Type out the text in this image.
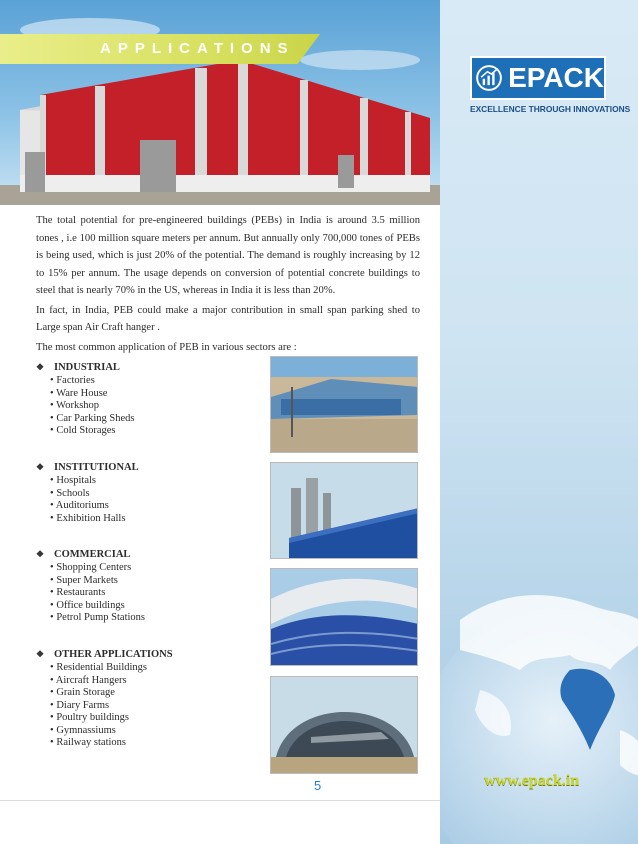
APPLICATIONS
EPACK
EXCELLENCE THROUGH INNOVATIONS

The total potential for pre-engineered buildings (PEBs) in India is around 3.5 million tones , i.e 100 million square meters per annum. But annually only 700,000 tones of PEBs is being used, which is just 20% of the potential. The demand is roughly increasing by 12 to 15% per annum. The usage depends on conversion of potential concrete buildings to steel that is nearly 70% in the US, whereas in India it is less than 20%.

In fact, in India, PEB could make a major contribution in small span parking shed to Large span Air Craft hanger .

The most common application of PEB in various sectors are :

❖ INDUSTRIAL
• Factories
• Ware House
• Workshop
• Car Parking Sheds
• Cold Storages
❖ INSTITUTIONAL
• Hospitals
• Schools
• Auditoriums
• Exhibition Halls
❖ COMMERCIAL
• Shopping Centers
• Super Markets
• Restaurants
• Office buildings
• Petrol Pump Stations
❖ OTHER APPLICATIONS
• Residential Buildings
• Aircraft Hangers
• Grain Storage
• Diary Farms
• Poultry buildings
• Gymnassiums
• Railway stations
5	www.epack.in
